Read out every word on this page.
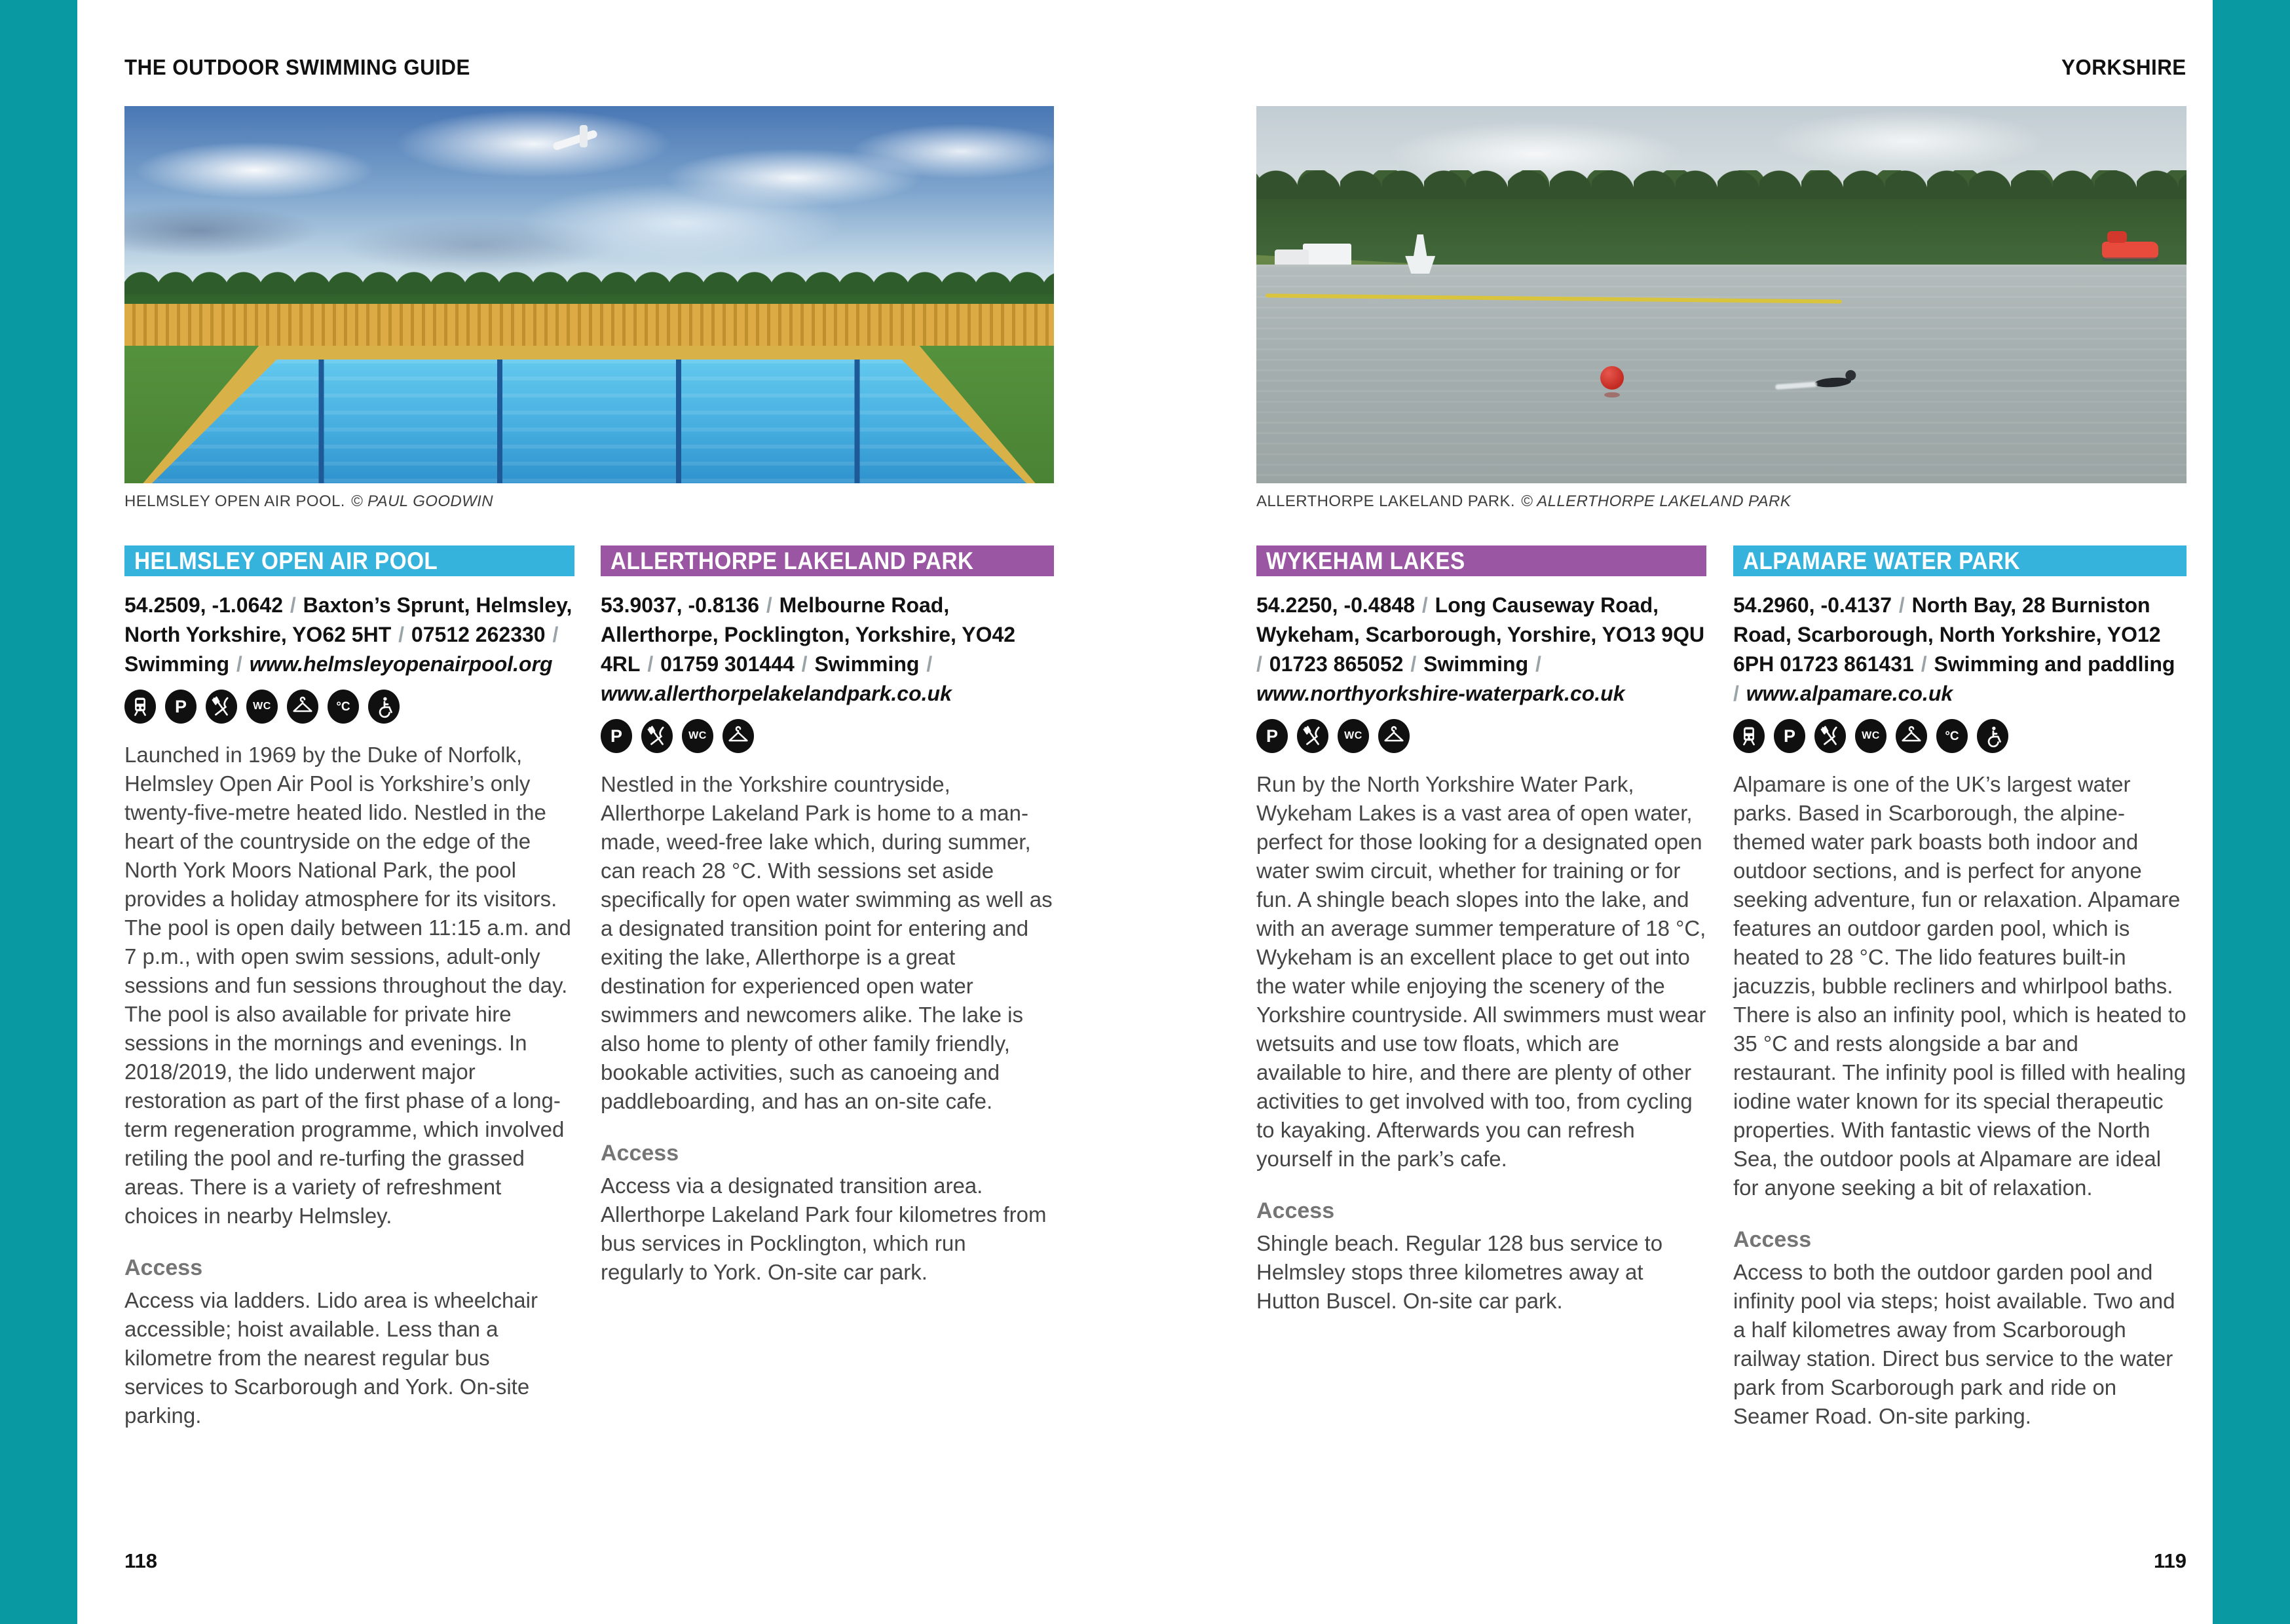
THE OUTDOOR SWIMMING GUIDE	YORKSHIRE

HELMSLEY OPEN AIR POOL. © PAUL GOODWIN	ALLERTHORPE LAKELAND PARK. © ALLERTHORPE LAKELAND PARK

HELMSLEY OPEN AIR POOL

54.2509, -1.0642 / Baxton’s Sprunt, Helmsley, North Yorkshire, YO62 5HT / 07512 262330 / Swimming / www.helmsleyopenairpool.org

P	WC	°C

Launched in 1969 by the Duke of Norfolk, Helmsley Open Air Pool is Yorkshire’s only twenty-five-metre heated lido. Nestled in the heart of the countryside on the edge of the North York Moors National Park, the pool provides a holiday atmosphere for its visitors. The pool is open daily between 11:15 a.m. and 7 p.m., with open swim sessions, adult-only sessions and fun sessions throughout the day. The pool is also available for private hire sessions in the mornings and evenings. In 2018/2019, the lido underwent major restoration as part of the first phase of a long-term regeneration programme, which involved retiling the pool and re-turfing the grassed areas. There is a variety of refreshment choices in nearby Helmsley.

Access

Access via ladders. Lido area is wheelchair accessible; hoist available. Less than a kilometre from the nearest regular bus services to Scarborough and York. On-site parking.

ALLERTHORPE LAKELAND PARK

53.9037, -0.8136 / Melbourne Road, Allerthorpe, Pocklington, Yorkshire, YO42 4RL / 01759 301444 / Swimming / www.allerthorpelakelandpark.co.uk

P	WC

Nestled in the Yorkshire countryside, Allerthorpe Lakeland Park is home to a man-made, weed-free lake which, during summer, can reach 28 °C. With sessions set aside specifically for open water swimming as well as a designated transition point for entering and exiting the lake, Allerthorpe is a great destination for experienced open water swimmers and newcomers alike. The lake is also home to plenty of other family friendly, bookable activities, such as canoeing and paddleboarding, and has an on-site cafe.

Access

Access via a designated transition area. Allerthorpe Lakeland Park four kilometres from bus services in Pocklington, which run regularly to York. On-site car park.

WYKEHAM LAKES

54.2250, -0.4848 / Long Causeway Road, Wykeham, Scarborough, Yorshire, YO13 9QU / 01723 865052 / Swimming / www.northyorkshire-waterpark.co.uk

P	WC

Run by the North Yorkshire Water Park, Wykeham Lakes is a vast area of open water, perfect for those looking for a designated open water swim circuit, whether for training or for fun. A shingle beach slopes into the lake, and with an average summer temperature of 18 °C, Wykeham is an excellent place to get out into the water while enjoying the scenery of the Yorkshire countryside. All swimmers must wear wetsuits and use tow floats, which are available to hire, and there are plenty of other activities to get involved with too, from cycling to kayaking. Afterwards you can refresh yourself in the park’s cafe.

Access

Shingle beach. Regular 128 bus service to Helmsley stops three kilometres away at Hutton Buscel. On-site car park.

ALPAMARE WATER PARK

54.2960, -0.4137 / North Bay, 28 Burniston Road, Scarborough, North Yorkshire, YO12 6PH 01723 861431 / Swimming and paddling / www.alpamare.co.uk

P	WC	°C

Alpamare is one of the UK’s largest water parks. Based in Scarborough, the alpine-themed water park boasts both indoor and outdoor sections, and is perfect for anyone seeking adventure, fun or relaxation. Alpamare features an outdoor garden pool, which is heated to 28 °C. The lido features built-in jacuzzis, bubble recliners and whirlpool baths. There is also an infinity pool, which is heated to 35 °C and rests alongside a bar and restaurant. The infinity pool is filled with healing iodine water known for its special therapeutic properties. With fantastic views of the North Sea, the outdoor pools at Alpamare are ideal for anyone seeking a bit of relaxation.

Access

Access to both the outdoor garden pool and infinity pool via steps; hoist available. Two and a half kilometres away from Scarborough railway station. Direct bus service to the water park from Scarborough park and ride on Seamer Road. On-site parking.

118	119
